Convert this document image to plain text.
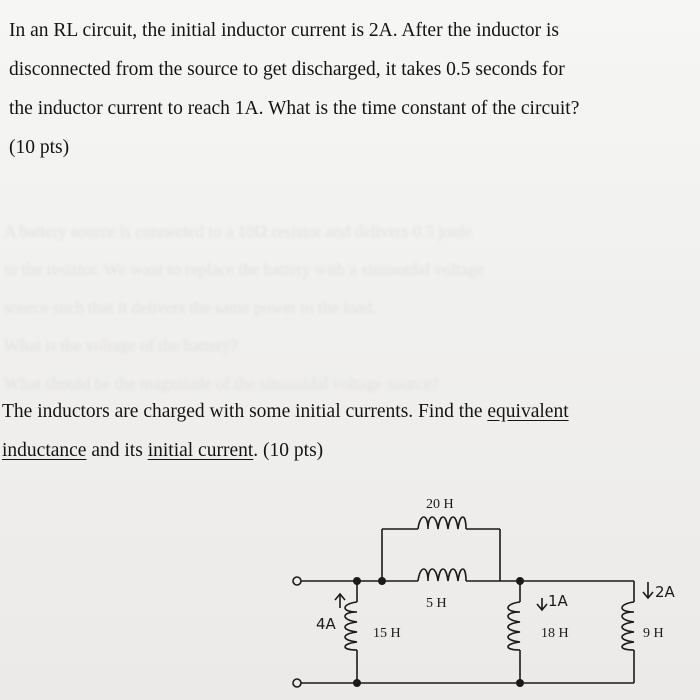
In an RL circuit, the initial inductor current is 2A. After the inductor is
disconnected from the source to get discharged, it takes 0.5 seconds for
the inductor current to reach 1A. What is the time constant of the circuit?
(10 pts)
A battery source is connected to a 10Ω resistor and delivers 0.5 joule
to the resistor. We want to replace the battery with a sinusoidal voltage
source such that it delivers the same power to the load.
What is the voltage of the battery?
What should be the magnitude of the sinusoidal voltage source?
The inductors are charged with some initial currents. Find the equivalent
inductance and its initial current. (10 pts)
20 H
5 H
15 H	18 H	9 H
4A
1A	2A
